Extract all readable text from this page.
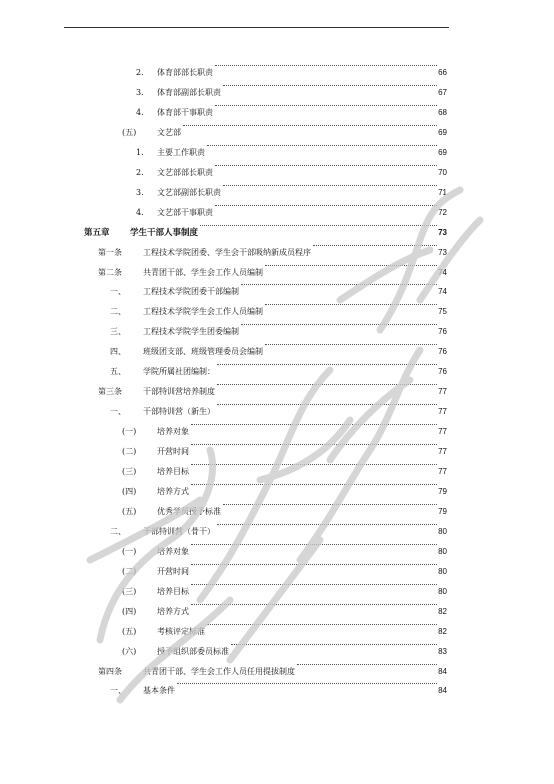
2. 体育部部长职责	66
3. 体育部副部长职责	67
4. 体育部干事职责	68
(五)	文艺部	69
1. 主要工作职责	69
2. 文艺部部长职责	70
3. 文艺部副部长职责	71
4. 文艺部干事职责	72
第五章 学生干部人事制度	73
第一条	工程技术学院团委、学生会干部吸纳新成员程序	73
第二条	共青团干部、学生会工作人员编制	74
一、 工程技术学院团委干部编制	74
二、 工程技术学院学生会工作人员编制	75
三、 工程技术学院学生团委编制	76
四、 班级团支部、班级管理委员会编制	76
五、 学院所属社团编制：	76
第三条	干部特训营培养制度	77
一、 干部特训营（新生）	77
(一)	培养对象	77
(二)	开营时间	77
(三)	培养目标	77
(四)	培养方式	79
(五)	优秀学员授予标准	79
二、 干部特训营（骨干）	80
(一)	培养对象	80
(二)	开营时间	80
(三)	培养目标	80
(四)	培养方式	82
(五)	考核评定标准	82
(六)	授予组织部委员标准	83
第四条	共青团干部、学生会工作人员任用提拔制度	84
一、 基本条件	84
